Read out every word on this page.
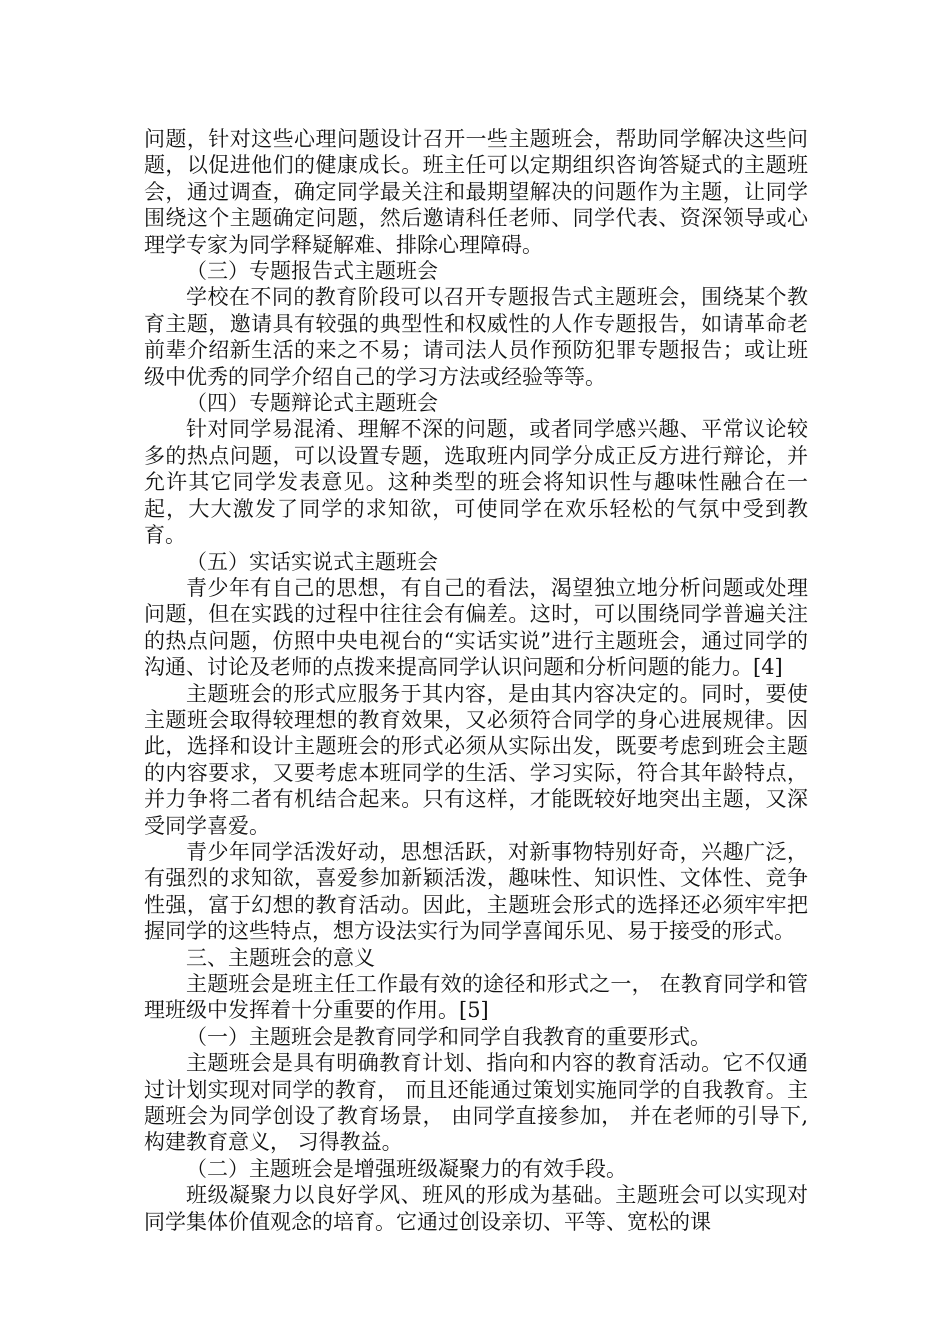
问题，针对这些心理问题设计召开一些主题班会，帮助同学解决这些问题，以促进他们的健康成长。班主任可以定期组织咨询答疑式的主题班会，通过调查，确定同学最关注和最期望解决的问题作为主题，让同学围绕这个主题确定问题，然后邀请科任老师、同学代表、资深领导或心理学专家为同学释疑解难、排除心理障碍。

（三）专题报告式主题班会

学校在不同的教育阶段可以召开专题报告式主题班会，围绕某个教育主题，邀请具有较强的典型性和权威性的人作专题报告，如请革命老前辈介绍新生活的来之不易；请司法人员作预防犯罪专题报告；或让班级中优秀的同学介绍自己的学习方法或经验等等。

（四）专题辩论式主题班会

针对同学易混淆、理解不深的问题，或者同学感兴趣、平常议论较多的热点问题，可以设置专题，选取班内同学分成正反方进行辩论，并允许其它同学发表意见。这种类型的班会将知识性与趣味性融合在一起，大大激发了同学的求知欲，可使同学在欢乐轻松的气氛中受到教育。

（五）实话实说式主题班会

青少年有自己的思想，有自己的看法，渴望独立地分析问题或处理问题，但在实践的过程中往往会有偏差。这时，可以围绕同学普遍关注的热点问题，仿照中央电视台的“实话实说”进行主题班会，通过同学的沟通、讨论及老师的点拨来提高同学认识问题和分析问题的能力。[4]

主题班会的形式应服务于其内容，是由其内容决定的。同时，要使主题班会取得较理想的教育效果，又必须符合同学的身心进展规律。因此，选择和设计主题班会的形式必须从实际出发，既要考虑到班会主题的内容要求，又要考虑本班同学的生活、学习实际，符合其年龄特点，并力争将二者有机结合起来。只有这样，才能既较好地突出主题，又深受同学喜爱。

青少年同学活泼好动，思想活跃，对新事物特别好奇，兴趣广泛，有强烈的求知欲，喜爱参加新颖活泼，趣味性、知识性、文体性、竞争性强，富于幻想的教育活动。因此，主题班会形式的选择还必须牢牢把握同学的这些特点，想方设法实行为同学喜闻乐见、易于接受的形式。

三、主题班会的意义

主题班会是班主任工作最有效的途径和形式之一， 在教育同学和管理班级中发挥着十分重要的作用。[5]

（一）主题班会是教育同学和同学自我教育的重要形式。

主题班会是具有明确教育计划、指向和内容的教育活动。它不仅通过计划实现对同学的教育， 而且还能通过策划实施同学的自我教育。主题班会为同学创设了教育场景， 由同学直接参加， 并在老师的引导下,构建教育意义， 习得教益。

（二）主题班会是增强班级凝聚力的有效手段。

班级凝聚力以良好学风、班风的形成为基础。主题班会可以实现对同学集体价值观念的培育。它通过创设亲切、平等、宽松的课
